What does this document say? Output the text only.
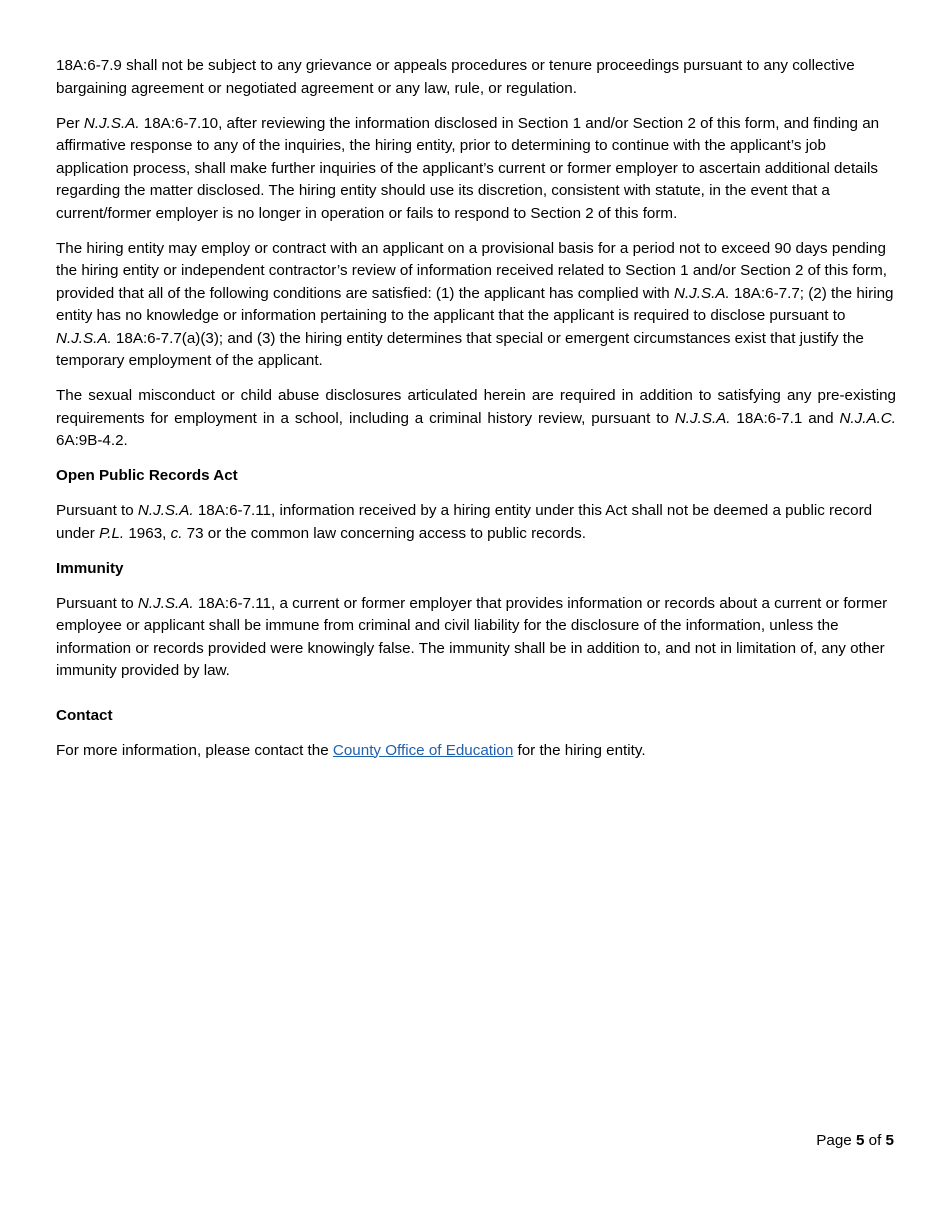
18A:6-7.9 shall not be subject to any grievance or appeals procedures or tenure proceedings pursuant to any collective bargaining agreement or negotiated agreement or any law, rule, or regulation.

Per N.J.S.A. 18A:6-7.10, after reviewing the information disclosed in Section 1 and/or Section 2 of this form, and finding an affirmative response to any of the inquiries, the hiring entity, prior to determining to continue with the applicant’s job application process, shall make further inquiries of the applicant’s current or former employer to ascertain additional details regarding the matter disclosed. The hiring entity should use its discretion, consistent with statute, in the event that a current/former employer is no longer in operation or fails to respond to Section 2 of this form.

The hiring entity may employ or contract with an applicant on a provisional basis for a period not to exceed 90 days pending the hiring entity or independent contractor’s review of information received related to Section 1 and/or Section 2 of this form, provided that all of the following conditions are satisfied: (1) the applicant has complied with N.J.S.A. 18A:6-7.7; (2) the hiring entity has no knowledge or information pertaining to the applicant that the applicant is required to disclose pursuant to N.J.S.A. 18A:6-7.7(a)(3); and (3) the hiring entity determines that special or emergent circumstances exist that justify the temporary employment of the applicant.

The sexual misconduct or child abuse disclosures articulated herein are required in addition to satisfying any pre-existing requirements for employment in a school, including a criminal history review, pursuant to N.J.S.A. 18A:6-7.1 and N.J.A.C. 6A:9B-4.2.

Open Public Records Act

Pursuant to N.J.S.A. 18A:6-7.11, information received by a hiring entity under this Act shall not be deemed a public record under P.L. 1963, c. 73 or the common law concerning access to public records.

Immunity

Pursuant to N.J.S.A. 18A:6-7.11, a current or former employer that provides information or records about a current or former employee or applicant shall be immune from criminal and civil liability for the disclosure of the information, unless the information or records provided were knowingly false. The immunity shall be in addition to, and not in limitation of, any other immunity provided by law.

Contact

For more information, please contact the County Office of Education for the hiring entity.

Page 5 of 5
